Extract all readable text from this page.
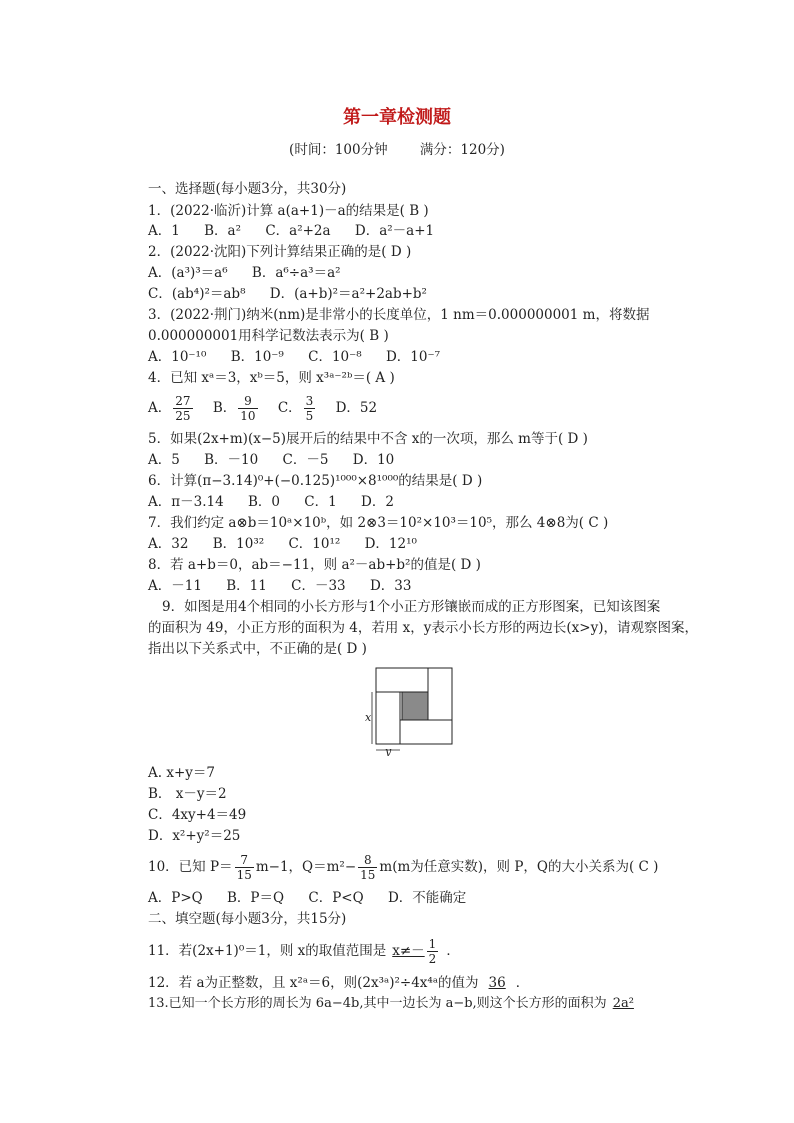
第一章检测题
(时间：100分钟 满分：120分)
一、选择题(每小题3分，共30分)
1．(2022·临沂)计算 a(a+1)－a的结果是( B )
A．1 B．a² C．a²+2a D．a²－a+1
2．(2022·沈阳)下列计算结果正确的是( D )
A．(a³)³＝a⁶ B．a⁶÷a³＝a²
C．(ab⁴)²＝ab⁸ D．(a+b)²＝a²+2ab+b²
3．(2022·荆门)纳米(nm)是非常小的长度单位，1 nm＝0.000000001 m，将数据
0.000000001用科学记数法表示为( B )
A．10⁻¹⁰ B．10⁻⁹ C．10⁻⁸ D．10⁻⁷
4．已知 xᵃ＝3，xᵇ＝5，则 x³ᵃ⁻²ᵇ＝( A )
A． $\frac{27}{25}$ B． $\frac{9}{10}$ C． $\frac{3}{5}$ D．52
5．如果(2x+m)(x−5)展开后的结果中不含 x的一次项，那么 m等于( D )
A．5 B．－10 C．－5 D．10
6．计算(π−3.14)⁰+(−0.125)¹⁰⁰⁰×8¹⁰⁰⁰的结果是( D )
A．π－3.14 B．0 C．1 D．2
7．我们约定 a⊗b＝10ᵃ×10ᵇ，如 2⊗3＝10²×10³＝10⁵，那么 4⊗8为( C )
A．32 B．10³² C．10¹² D．12¹⁰
8．若 a+b＝0，ab＝−11，则 a²－ab+b²的值是( D )
A．－11 B．11 C．－33 D．33
9．如图是用4个相同的小长方形与1个小正方形镶嵌而成的正方形图案，已知该图案
的面积为 49，小正方形的面积为 4，若用 x，y表示小长方形的两边长(x>y)，请观察图案，
指出以下关系式中，不正确的是( D )
x
y
A. x+y＝7
B． x－y＝2
C．4xy+4＝49
D．x²+y²＝25
10．已知 $P= \frac{7}{15} m-1$，$Q=m^2- \frac{8}{15} m(m$为任意实数)，则 P，Q的大小关系为( C )
A．P>Q B．P＝Q C．P<Q D．不能确定
二、填空题(每小题3分，共15分)
11．若(2x+1)⁰＝1，则 x的取值范围是 $x\ne- \frac{1}{2}$ ．
12．若 a为正整数，且 x²ᵃ＝6，则(2x³ᵃ)²÷4x⁴ᵃ的值为 36 ．
13.已知一个长方形的周长为 6a−4b,其中一边长为 a−b,则这个长方形的面积为 2a²
